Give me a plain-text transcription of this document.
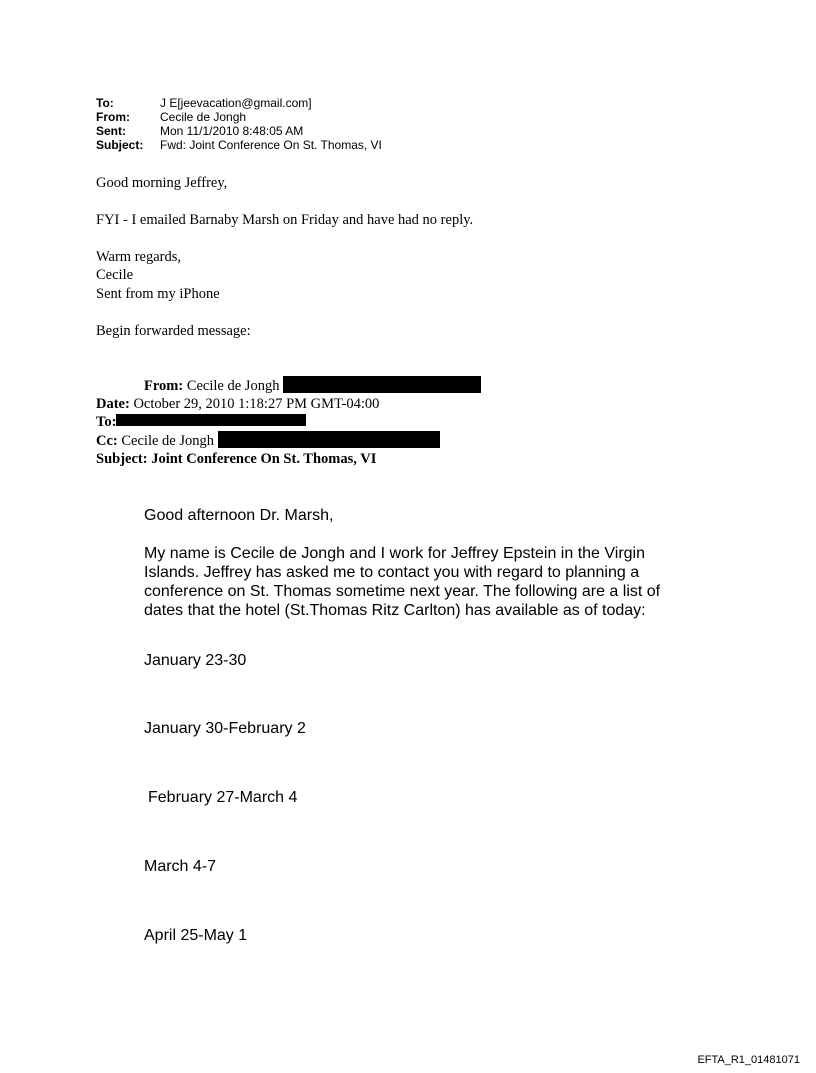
To:	J E[jeevacation@gmail.com]
From:	Cecile de Jongh
Sent:	Mon 11/1/2010 8:48:05 AM
Subject:	Fwd: Joint Conference On St. Thomas, VI

Good morning Jeffrey,

FYI - I emailed Barnaby Marsh on Friday and have had no reply.

Warm regards,

Cecile

Sent from my iPhone

Begin forwarded message:

From: Cecile de Jongh
Date: October 29, 2010 1:18:27 PM GMT-04:00
To:
Cc: Cecile de Jongh
Subject: Joint Conference On St. Thomas, VI

Good afternoon Dr. Marsh,

My name is Cecile de Jongh and I work for Jeffrey Epstein in the Virgin Islands. Jeffrey has asked me to contact you with regard to planning a conference on St. Thomas sometime next year. The following are a list of dates that the hotel (St.Thomas Ritz Carlton) has available as of today:

January 23-30

January 30-February 2

February 27-March 4

March 4-7

April 25-May 1

EFTA_R1_01481071
